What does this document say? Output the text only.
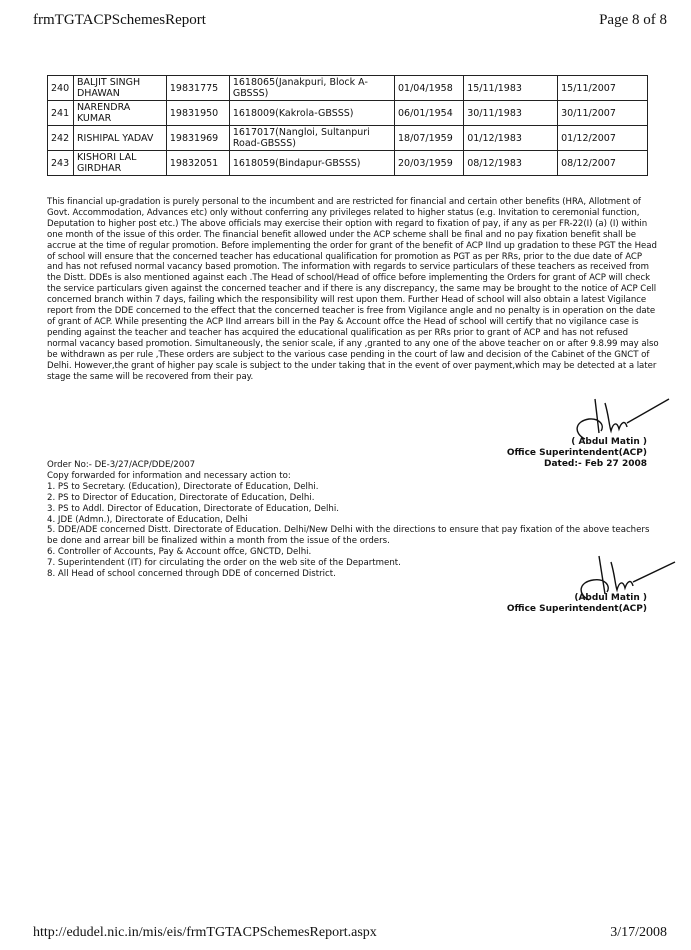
frmTGTACPSchemesReport	Page 8 of 8
240	BALJIT SINGH DHAWAN	19831775	1618065(Janakpuri, Block A-GBSSS)	01/04/1958	15/11/1983	15/11/2007
241	NARENDRA KUMAR	19831950	1618009(Kakrola-GBSSS)	06/01/1954	30/11/1983	30/11/2007
242	RISHIPAL YADAV	19831969	1617017(Nangloi, Sultanpuri Road-GBSSS)	18/07/1959	01/12/1983	01/12/2007
243	KISHORI LAL GIRDHAR	19832051	1618059(Bindapur-GBSSS)	20/03/1959	08/12/1983	08/12/2007
This financial up-gradation is purely personal to the incumbent and are restricted for financial and certain other benefits (HRA, Allotment of Govt. Accommodation, Advances etc) only without conferring any privileges related to higher status (e.g. Invitation to ceremonial function, Deputation to higher post etc.) The above officials may exercise their option with regard to fixation of pay, if any as per FR-22(I) (a) (I) within one month of the issue of this order. The financial benefit allowed under the ACP scheme shall be final and no pay fixation benefit shall be accrue at the time of regular promotion. Before implementing the order for grant of the benefit of ACP IInd up gradation to these PGT the Head of school will ensure that the concerned teacher has educational qualification for promotion as PGT as per RRs, prior to the due date of ACP and has not refused normal vacancy based promotion. The information with regards to service particulars of these teachers as received from the Distt. DDEs is also mentioned against each .The Head of school/Head of office before implementing the Orders for grant of ACP will check the service particulars given against the concerned teacher and if there is any discrepancy, the same may be brought to the notice of ACP Cell concerned branch within 7 days, failing which the responsibility will rest upon them. Further Head of school will also obtain a latest Vigilance report from the DDE concerned to the effect that the concerned teacher is free from Vigilance angle and no penalty is in operation on the date of grant of ACP. While presenting the ACP IInd arrears bill in the Pay & Account offce the Head of school will certify that no vigilance case is pending against the teacher and teacher has acquired the educational qualification as per RRs prior to grant of ACP and has not refused normal vacancy based promotion. Simultaneously, the senior scale, if any ,granted to any one of the above teacher on or after 9.8.99 may also be withdrawn as per rule ,These orders are subject to the various case pending in the court of law and decision of the Cabinet of the GNCT of Delhi. However,the grant of higher pay scale is subject to the under taking that in the event of over payment,which may be detected at a later stage the same will be recovered from their pay.
( Abdul Matin )
Office Superintendent(ACP)
Dated:- Feb 27 2008
Order No:- DE-3/27/ACP/DDE/2007
Copy forwarded for information and necessary action to:
1. PS to Secretary. (Education), Directorate of Education, Delhi.
2. PS to Director of Education, Directorate of Education, Delhi.
3. PS to Addl. Director of Education, Directorate of Education, Delhi.
4. JDE (Admn.), Directorate of Education, Delhi
5. DDE/ADE concerned Distt. Directorate of Education. Delhi/New Delhi with the directions to ensure that pay fixation of the above teachers be done and arrear bill be finalized within a month from the issue of the orders.
6. Controller of Accounts, Pay & Account offce, GNCTD, Delhi.
7. Superintendent (IT) for circulating the order on the web site of the Department.
8. All Head of school concerned through DDE of concerned District.
(Abdul Matin )
Office Superintendent(ACP)
http://edudel.nic.in/mis/eis/frmTGTACPSchemesReport.aspx	3/17/2008
